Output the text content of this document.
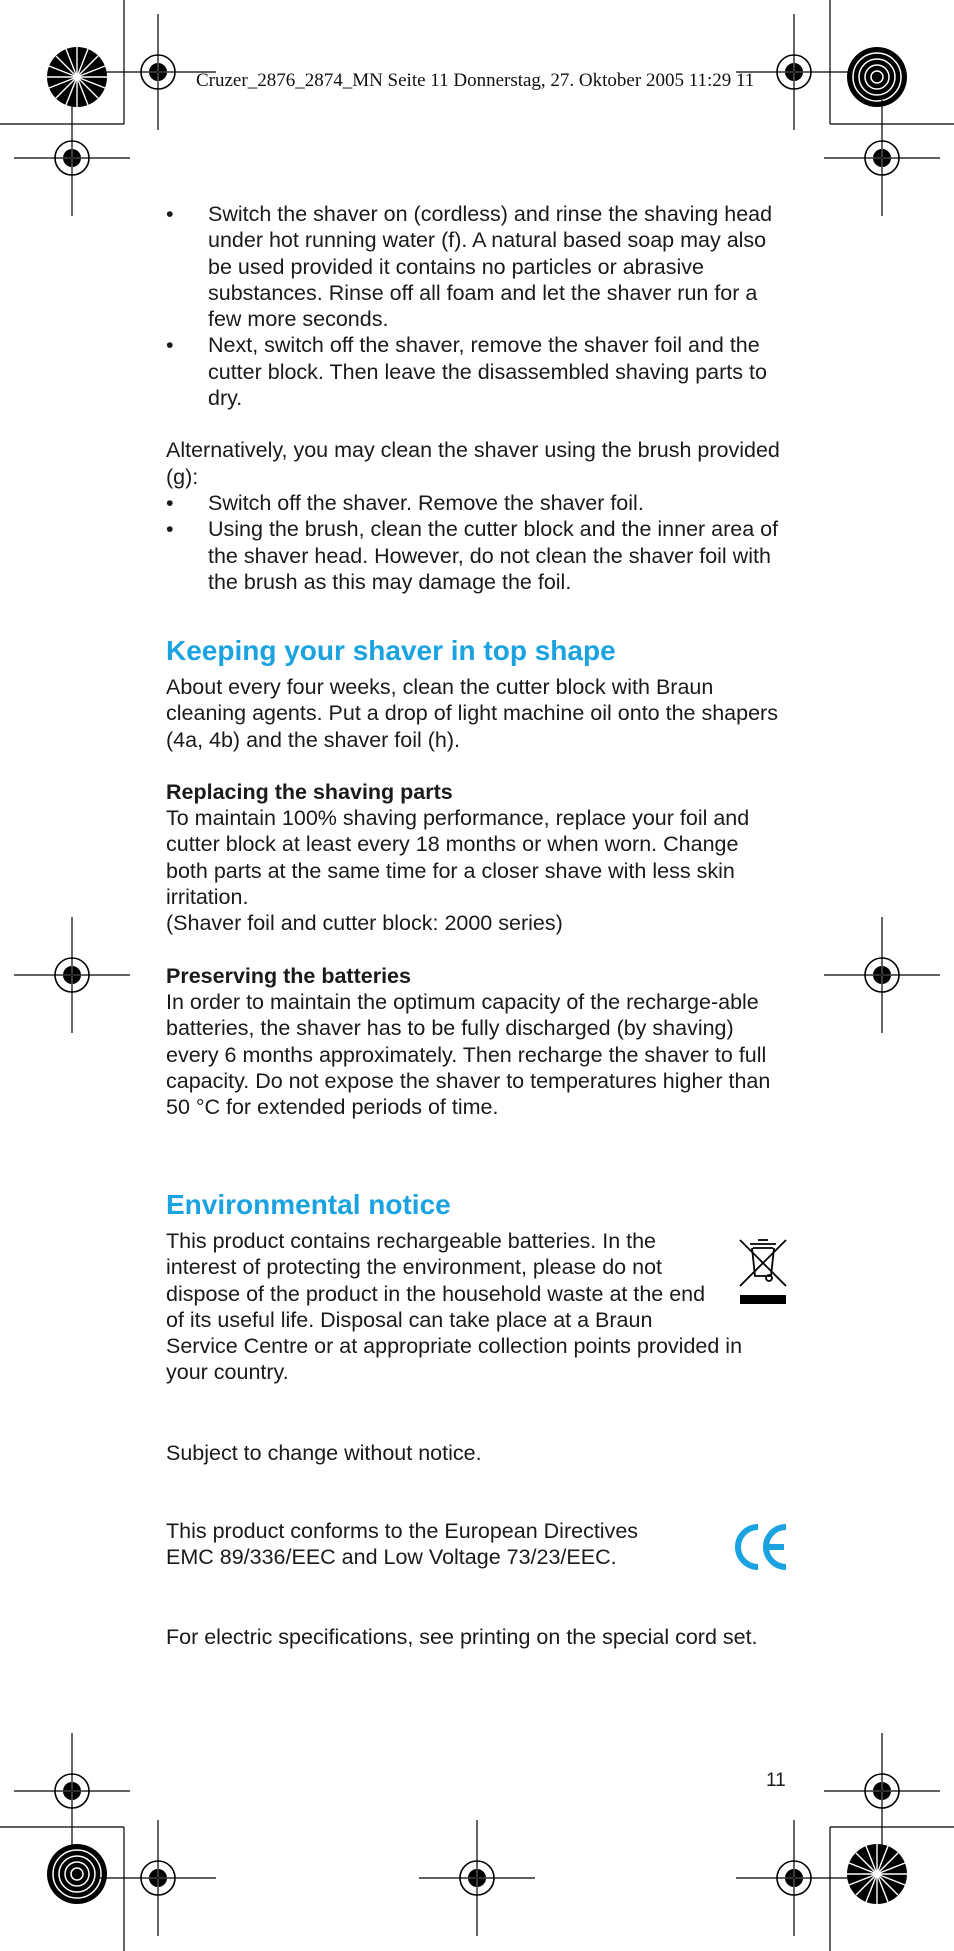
Cruzer_2876_2874_MN Seite 11 Donnerstag, 27. Oktober 2005 11:29 11
• Switch the shaver on (cordless) and rinse the shaving head under hot running water (f). A natural based soap may also be used provided it contains no particles or abrasive substances. Rinse off all foam and let the shaver run for a few more seconds.
• Next, switch off the shaver, remove the shaver foil and the cutter block. Then leave the disassembled shaving parts to dry.

Alternatively, you may clean the shaver using the brush provided (g):

• Switch off the shaver. Remove the shaver foil.
• Using the brush, clean the cutter block and the inner area of the shaver head. However, do not clean the shaver foil with the brush as this may damage the foil.
Keeping your shaver in top shape

About every four weeks, clean the cutter block with Braun cleaning agents. Put a drop of light machine oil onto the shapers (4a, 4b) and the shaver foil (h).

Replacing the shaving parts

To maintain 100% shaving performance, replace your foil and cutter block at least every 18 months or when worn. Change both parts at the same time for a closer shave with less skin irritation.

(Shaver foil and cutter block: 2000 series)

Preserving the batteries

In order to maintain the optimum capacity of the recharge-able batteries, the shaver has to be fully discharged (by shaving) every 6 months approximately. Then recharge the shaver to full capacity. Do not expose the shaver to temperatures higher than 50 °C for extended periods of time.

Environmental notice

This product contains rechargeable batteries. In the interest of protecting the environment, please do not dispose of the product in the household waste at the end of its useful life. Disposal can take place at a Braun Service Centre or at appropriate collection points provided in your country.

Subject to change without notice.

This product conforms to the European Directives EMC 89/336/EEC and Low Voltage 73/23/EEC.

For electric specifications, see printing on the special cord set.

11
